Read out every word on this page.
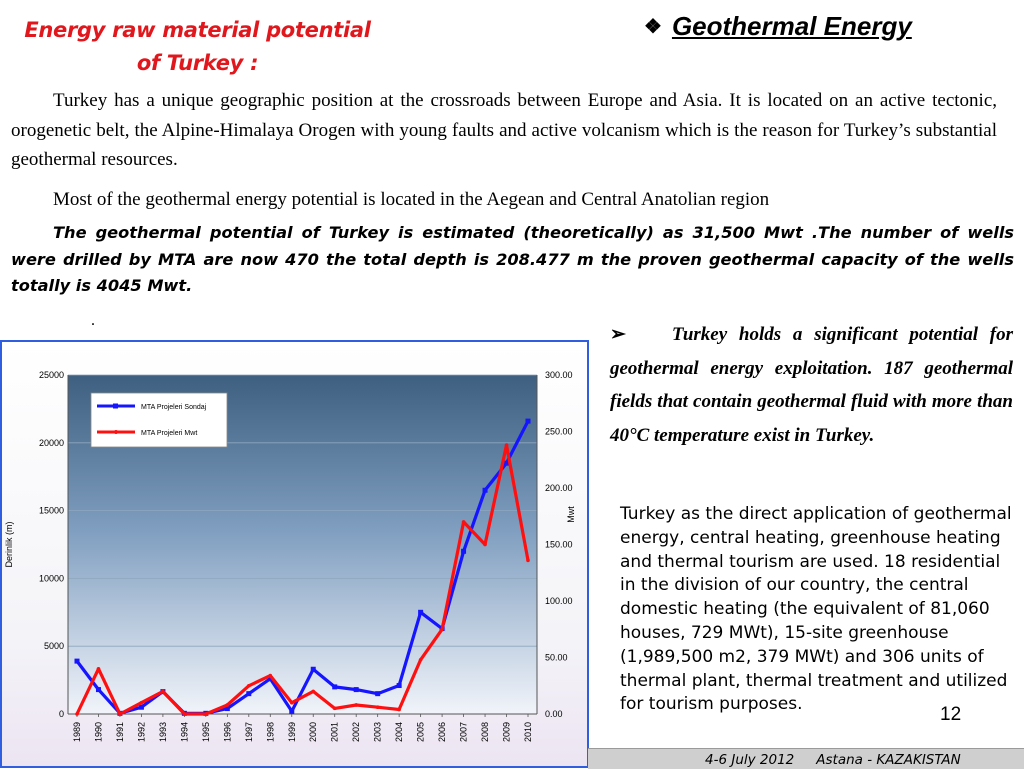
Energy raw material potential of Turkey :
❖ Geothermal Energy

Turkey has a unique geographic position at the crossroads between Europe and Asia. It is located on an active tectonic, orogenetic belt, the Alpine-Himalaya Orogen with young faults and active volcanism which is the reason for Turkey’s substantial geothermal resources.

Most of the geothermal energy potential is located in the Aegean and Central Anatolian region

The geothermal potential of Turkey is estimated (theoretically) as 31,500 Mwt .The number of wells were drilled by MTA are now 470 the total depth is 208.477 m the proven geothermal capacity of the wells totally is 4045 Mwt.

.

➢ Turkey holds a significant potential for geothermal energy exploitation. 187 geothermal fields that contain geothermal fluid with more than 40°C temperature exist in Turkey.

Turkey as the direct application of geothermal energy, central heating, greenhouse heating and thermal tourism are used. 18 residential in the division of our country, the central domestic heating (the equivalent of 81,060 houses, 729 MWt), 15-site greenhouse (1,989,500 m2, 379 MWt) and 306 units of thermal plant, thermal treatment and utilized for tourism purposes.

0
5000
10000
15000
20000
25000
0.00
50.00
100.00
150.00
200.00
250.00
300.00
1989 1990 1991 1992 1993 1994 1995 1996 1997 1998 1999 2000 2001 2002 2003 2004 2005 2006 2007 2008 2009 2010
Derinlik (m)
Mwt
MTA Projeleri Sondaj
MTA Projeleri Mwt
4-6 July 2012 Astana - KAZAKISTAN
12
